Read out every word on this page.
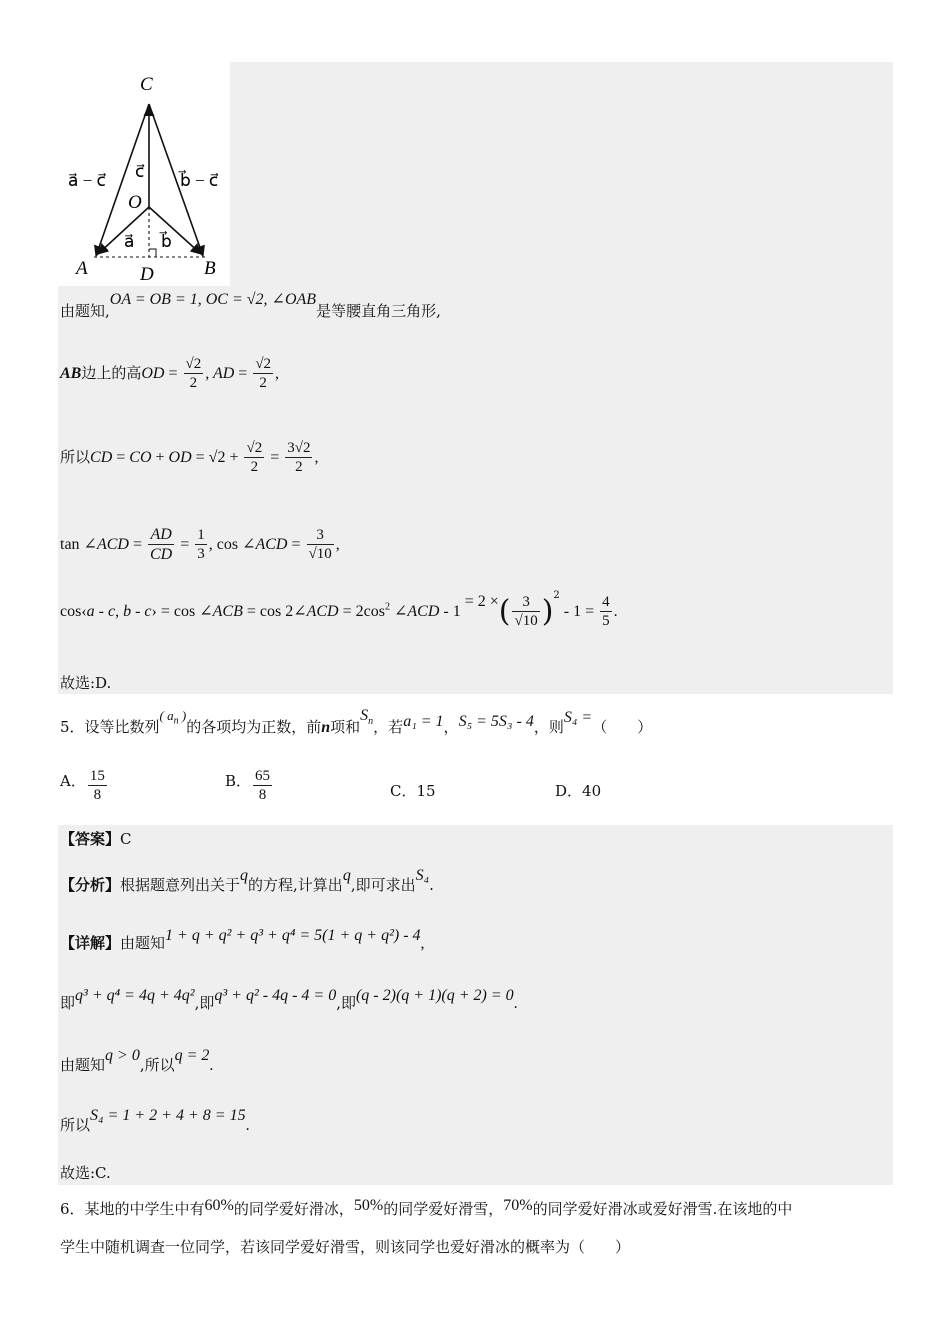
C
O
A	B
D
a⃗ − c⃗	b⃗ − c⃗
c⃗
a⃗ b⃗
由题知,OA = OB = 1, OC = √2, ∠OAB是等腰直角三角形,
AB边上的高OD = $\frac{√2}{2}$ , AD = $\frac{√2}{2}$ ,
所以CD = CO + OD = $√2 + \frac{√2}{2} = \frac{3√2}{2}$ ,
tan ∠ACD = $\frac{AD}{CD} = \frac{1}{3}$ , cos ∠ACD = $\frac{3}{√10}$ ,
cos‹a - c, b - c› = cos ∠ACB = cos 2∠ACD = $2\cos^2$ ∠ACD - 1 = 2 ×( $\frac{3}{√10} )^2 - 1 = \frac{4}{5}$ .
故选:D.
5．设等比数列( $a_n$ )的各项均为正数，前n项和$S_n$，若a₁ = 1，S₅ = 5S₃ - 4，则S₄ =（　　）
A． $\frac{15}{8}$	B． $\frac{65}{8}$	C．15	D．40
【答案】C
【分析】根据题意列出关于q的方程,计算出q,即可求出S₄.
【详解】由题知1 + q + q² + q³ + q⁴ = 5(1 + q + q²) - 4,
即q³ + q⁴ = 4q + 4q²,即q³ + q² - 4q - 4 = 0,即(q - 2)(q + 1)(q + 2) = 0.
由题知q > 0,所以q = 2.
所以S₄ = 1 + 2 + 4 + 8 = 15.
故选:C.
6．某地的中学生中有60%的同学爱好滑冰，50%的同学爱好滑雪，70%的同学爱好滑冰或爱好滑雪.在该地的中
学生中随机调查一位同学，若该同学爱好滑雪，则该同学也爱好滑冰的概率为（　　）
